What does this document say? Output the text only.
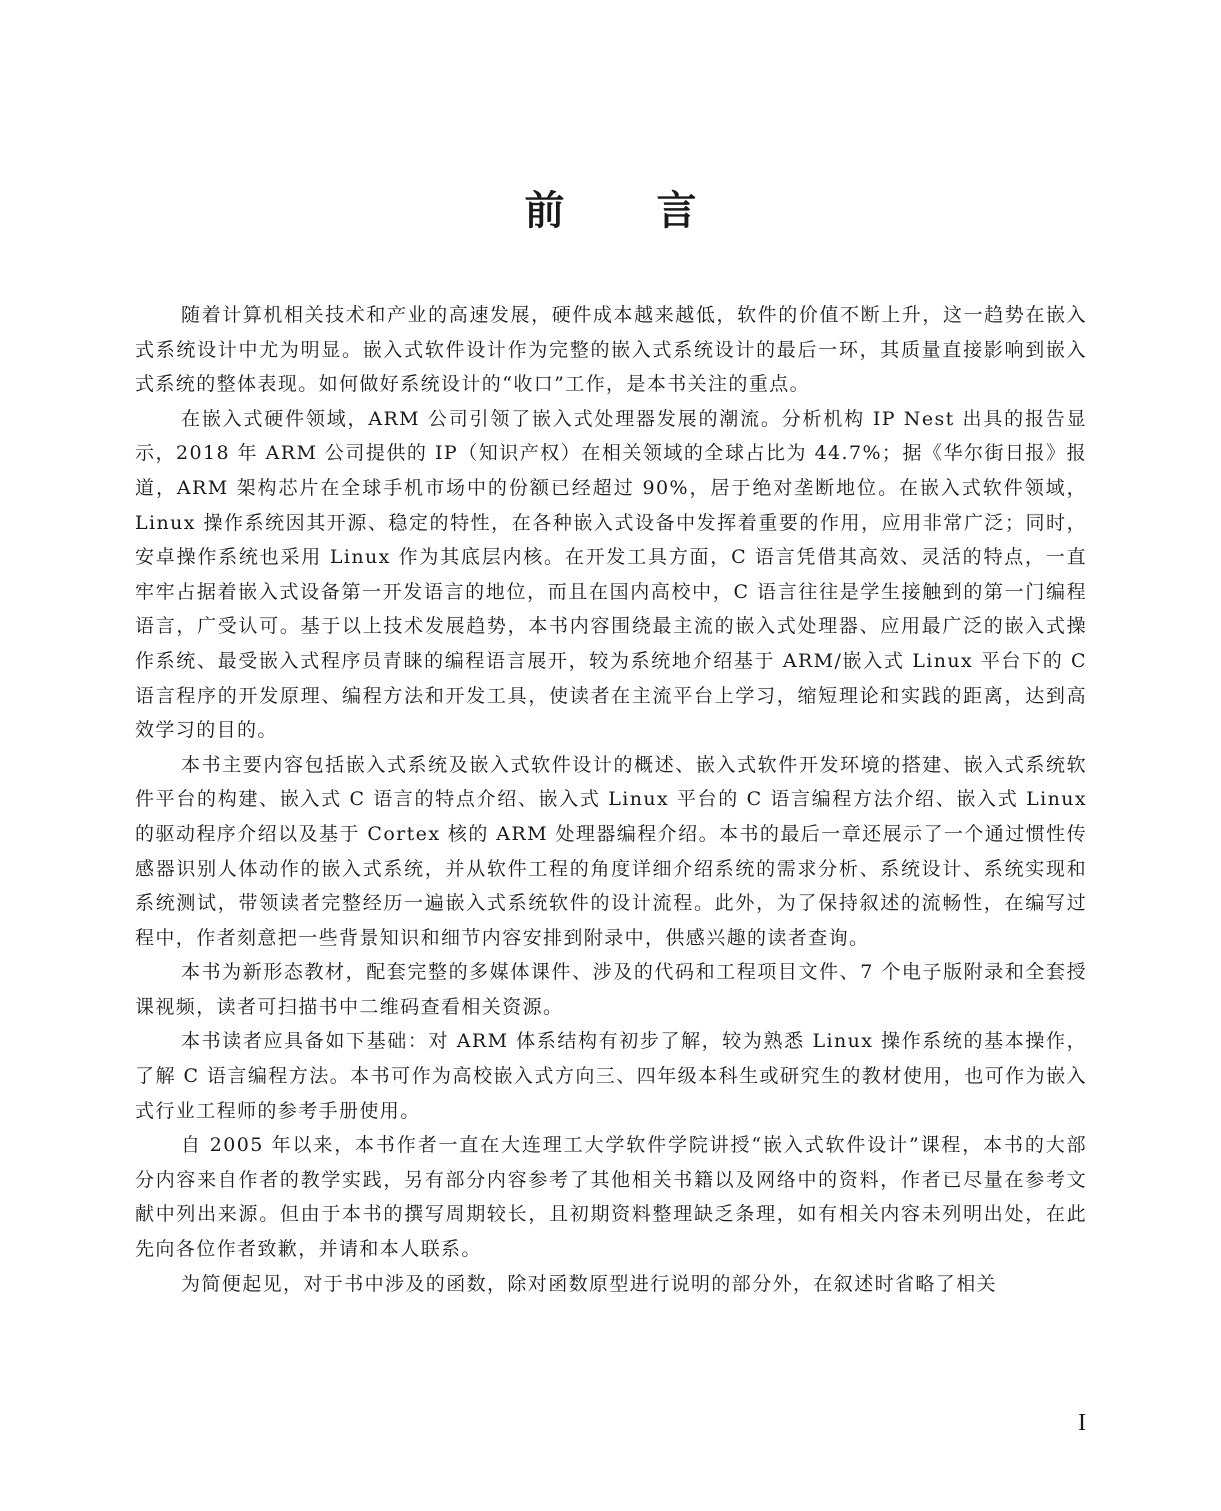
前言

随着计算机相关技术和产业的高速发展，硬件成本越来越低，软件的价值不断上升，这一趋势在嵌入式系统设计中尤为明显。嵌入式软件设计作为完整的嵌入式系统设计的最后一环，其质量直接影响到嵌入式系统的整体表现。如何做好系统设计的“收口”工作，是本书关注的重点。

在嵌入式硬件领域，ARM 公司引领了嵌入式处理器发展的潮流。分析机构 IP Nest 出具的报告显示，2018 年 ARM 公司提供的 IP（知识产权）在相关领域的全球占比为 44.7%；据《华尔街日报》报道，ARM 架构芯片在全球手机市场中的份额已经超过 90%，居于绝对垄断地位。在嵌入式软件领域，Linux 操作系统因其开源、稳定的特性，在各种嵌入式设备中发挥着重要的作用，应用非常广泛；同时，安卓操作系统也采用 Linux 作为其底层内核。在开发工具方面，C 语言凭借其高效、灵活的特点，一直牢牢占据着嵌入式设备第一开发语言的地位，而且在国内高校中，C 语言往往是学生接触到的第一门编程语言，广受认可。基于以上技术发展趋势，本书内容围绕最主流的嵌入式处理器、应用最广泛的嵌入式操作系统、最受嵌入式程序员青睐的编程语言展开，较为系统地介绍基于 ARM/嵌入式 Linux 平台下的 C 语言程序的开发原理、编程方法和开发工具，使读者在主流平台上学习，缩短理论和实践的距离，达到高效学习的目的。

本书主要内容包括嵌入式系统及嵌入式软件设计的概述、嵌入式软件开发环境的搭建、嵌入式系统软件平台的构建、嵌入式 C 语言的特点介绍、嵌入式 Linux 平台的 C 语言编程方法介绍、嵌入式 Linux 的驱动程序介绍以及基于 Cortex 核的 ARM 处理器编程介绍。本书的最后一章还展示了一个通过惯性传感器识别人体动作的嵌入式系统，并从软件工程的角度详细介绍系统的需求分析、系统设计、系统实现和系统测试，带领读者完整经历一遍嵌入式系统软件的设计流程。此外，为了保持叙述的流畅性，在编写过程中，作者刻意把一些背景知识和细节内容安排到附录中，供感兴趣的读者查询。

本书为新形态教材，配套完整的多媒体课件、涉及的代码和工程项目文件、7 个电子版附录和全套授课视频，读者可扫描书中二维码查看相关资源。

本书读者应具备如下基础：对 ARM 体系结构有初步了解，较为熟悉 Linux 操作系统的基本操作，了解 C 语言编程方法。本书可作为高校嵌入式方向三、四年级本科生或研究生的教材使用，也可作为嵌入式行业工程师的参考手册使用。

自 2005 年以来，本书作者一直在大连理工大学软件学院讲授“嵌入式软件设计”课程，本书的大部分内容来自作者的教学实践，另有部分内容参考了其他相关书籍以及网络中的资料，作者已尽量在参考文献中列出来源。但由于本书的撰写周期较长，且初期资料整理缺乏条理，如有相关内容未列明出处，在此先向各位作者致歉，并请和本人联系。

为简便起见，对于书中涉及的函数，除对函数原型进行说明的部分外，在叙述时省略了相关

I
